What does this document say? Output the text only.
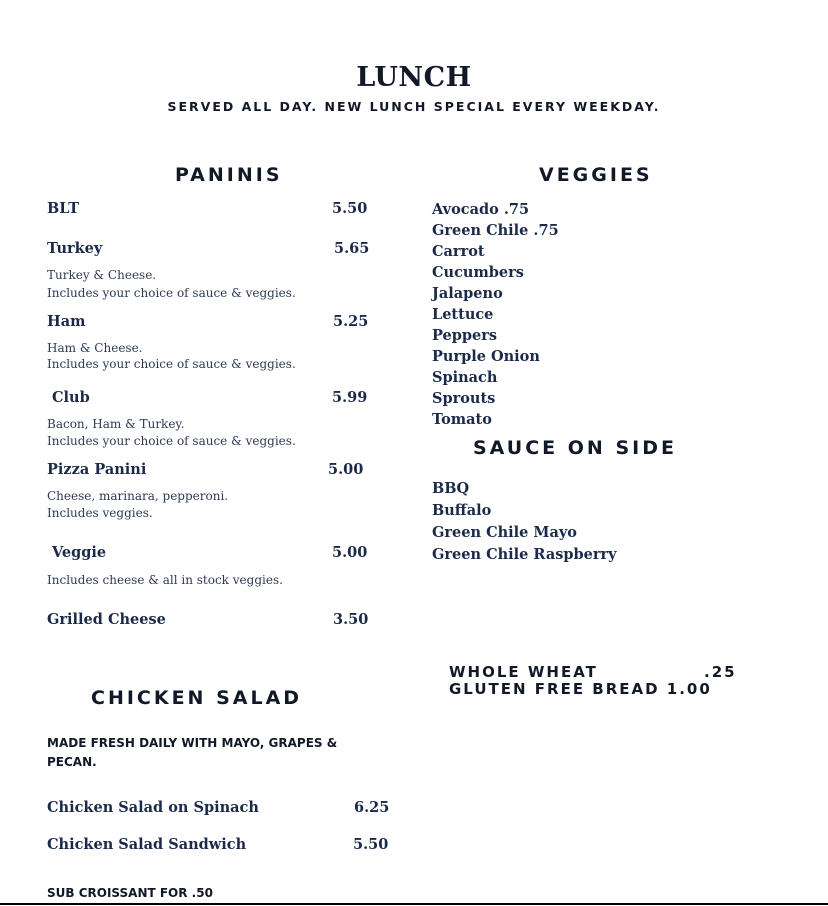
LUNCH

SERVED ALL DAY. NEW LUNCH SPECIAL EVERY WEEKDAY.

PANINIS
BLT	5.50
Turkey	5.65
Turkey & Cheese.
Includes your choice of sauce & veggies.
Ham	5.25
Ham & Cheese.
Includes your choice of sauce & veggies.
Club	5.99
Bacon, Ham & Turkey.
Includes your choice of sauce & veggies.
Pizza Panini	5.00
Cheese, marinara, pepperoni.
Includes veggies.
Veggie	5.00
Includes cheese & all in stock veggies.
Grilled Cheese	3.50
VEGGIES
Avocado .75
Green Chile .75
Carrot
Cucumbers
Jalapeno
Lettuce
Peppers
Purple Onion
Spinach
Sprouts
Tomato
SAUCE ON SIDE
BBQ
Buffalo
Green Chile Mayo
Green Chile Raspberry
WHOLE WHEAT	.25
GLUTEN FREE BREAD 1.00
CHICKEN SALAD
MADE FRESH DAILY WITH MAYO, GRAPES &
PECAN.
Chicken Salad on Spinach	6.25
Chicken Salad Sandwich	5.50
SUB CROISSANT FOR .50
